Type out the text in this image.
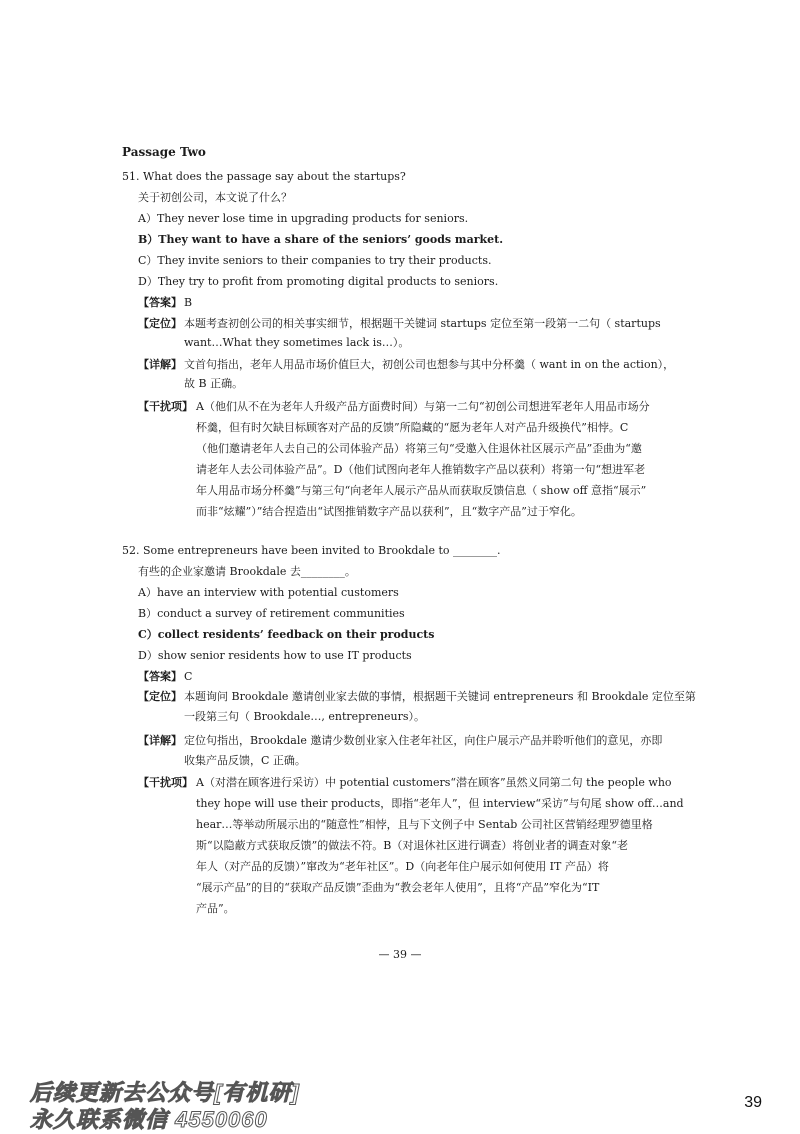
Passage Two
51. What does the passage say about the startups?
关于初创公司，本文说了什么？
A）They never lose time in upgrading products for seniors.
B）They want to have a share of the seniors’ goods market.
C）They invite seniors to their companies to try their products.
D）They try to profit from promoting digital products to seniors.
【答案】 B
【定位】 本题考查初创公司的相关事实细节，根据题干关键词 startups 定位至第一段第一二句（ startups
want…What they sometimes lack is…）。
【详解】 文首句指出，老年人用品市场价值巨大，初创公司也想参与其中分杯羹（ want in on the action），
故 B 正确。
【干扰项】 A（他们从不在为老年人升级产品方面费时间）与第一二句“初创公司想进军老年人用品市场分
杯羹，但有时欠缺目标顾客对产品的反馈”所隐藏的“愿为老年人对产品升级换代”相悖。C
（他们邀请老年人去自己的公司体验产品）将第三句“受邀入住退休社区展示产品”歪曲为“邀
请老年人去公司体验产品”。D（他们试图向老年人推销数字产品以获利）将第一句“想进军老
年人用品市场分杯羹”与第三句“向老年人展示产品从而获取反馈信息（ show off 意指“展示”
而非“炫耀”）”结合捏造出“试图推销数字产品以获利”，且“数字产品”过于窄化。
52. Some entrepreneurs have been invited to Brookdale to ________.
有些的企业家邀请 Brookdale 去________。
A）have an interview with potential customers
B）conduct a survey of retirement communities
C）collect residents’ feedback on their products
D）show senior residents how to use IT products
【答案】 C
【定位】 本题询问 Brookdale 邀请创业家去做的事情，根据题干关键词 entrepreneurs 和 Brookdale 定位至第
一段第三句（ Brookdale…, entrepreneurs）。
【详解】 定位句指出，Brookdale 邀请少数创业家入住老年社区，向住户展示产品并聆听他们的意见，亦即
收集产品反馈，C 正确。
【干扰项】 A（对潜在顾客进行采访）中 potential customers“潜在顾客”虽然义同第二句 the people who
they hope will use their products，即指“老年人”，但 interview“采访”与句尾 show off…and
hear…等举动所展示出的“随意性”相悖，且与下文例子中 Sentab 公司社区营销经理罗德里格
斯“以隐蔽方式获取反馈”的做法不符。B（对退休社区进行调查）将创业者的调查对象“老
年人（对产品的反馈）”窜改为“老年社区”。D（向老年住户展示如何使用 IT 产品）将
“展示产品”的目的“获取产品反馈”歪曲为“教会老年人使用”，且将“产品”窄化为“IT
产品”。
— 39 —
后续更新去公众号[有机研]
永久联系微信 4550060
39
